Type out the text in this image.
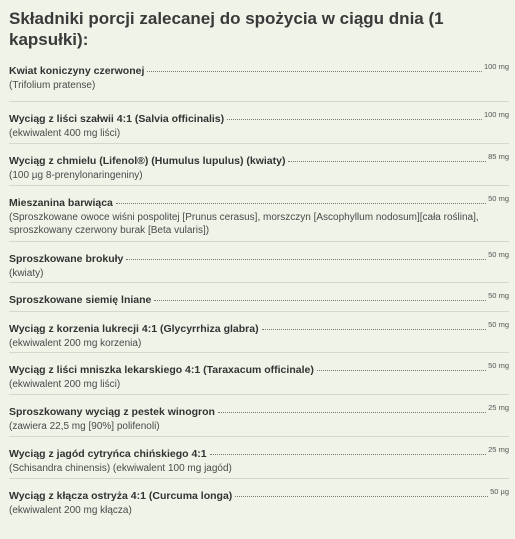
Składniki porcji zalecanej do spożycia w ciągu dnia (1 kapsułki):
Kwiat koniczyny czerwonej	100 mg
(Trifolium pratense)
Wyciąg z liści szałwii 4:1 (Salvia officinalis)	100 mg
(ekwiwalent 400 mg liści)
Wyciąg z chmielu (Lifenol®) (Humulus lupulus) (kwiaty)	85 mg
(100 µg 8-prenylonaringeniny)
Mieszanina barwiąca	50 mg
(Sproszkowane owoce wiśni pospolitej [Prunus cerasus], morszczyn [Ascophyllum nodosum][cała roślina], sproszkowany czerwony burak [Beta vularis])
Sproszkowane brokuły	50 mg
(kwiaty)
Sproszkowane siemię lniane	50 mg
Wyciąg z korzenia lukrecji 4:1 (Glycyrrhiza glabra)	50 mg
(ekwiwalent 200 mg korzenia)
Wyciąg z liści mniszka lekarskiego 4:1 (Taraxacum officinale)	50 mg
(ekwiwalent 200 mg liści)
Sproszkowany wyciąg z pestek winogron	25 mg
(zawiera 22,5 mg [90%] polifenoli)
Wyciąg z jagód cytryńca chińskiego 4:1	25 mg
(Schisandra chinensis) (ekwiwalent 100 mg jagód)
Wyciąg z kłącza ostryża 4:1 (Curcuma longa)	50 µg
(ekwiwalent 200 mg kłącza)
